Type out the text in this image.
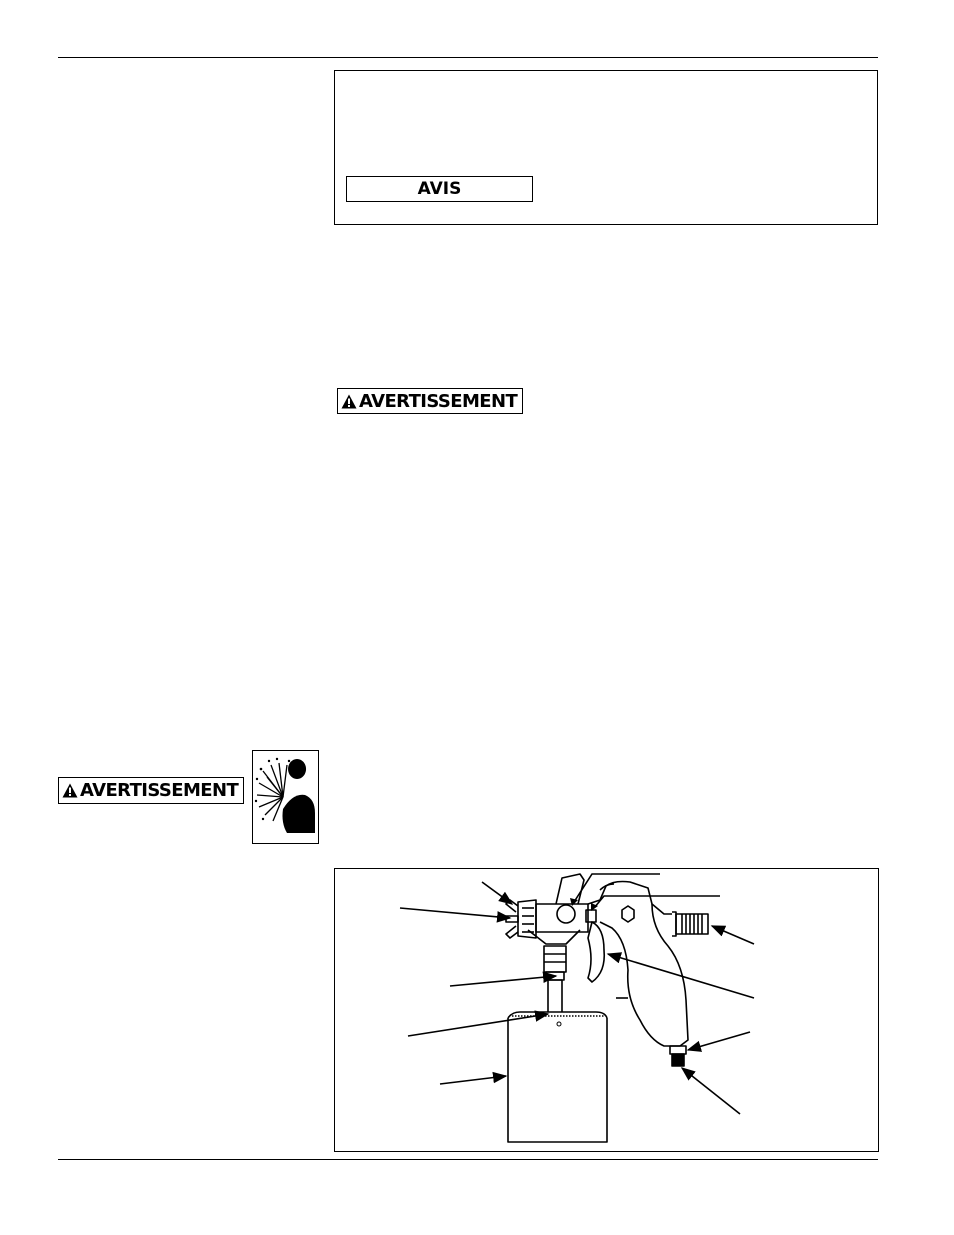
AVIS
AVERTISSEMENT
AVERTISSEMENT
